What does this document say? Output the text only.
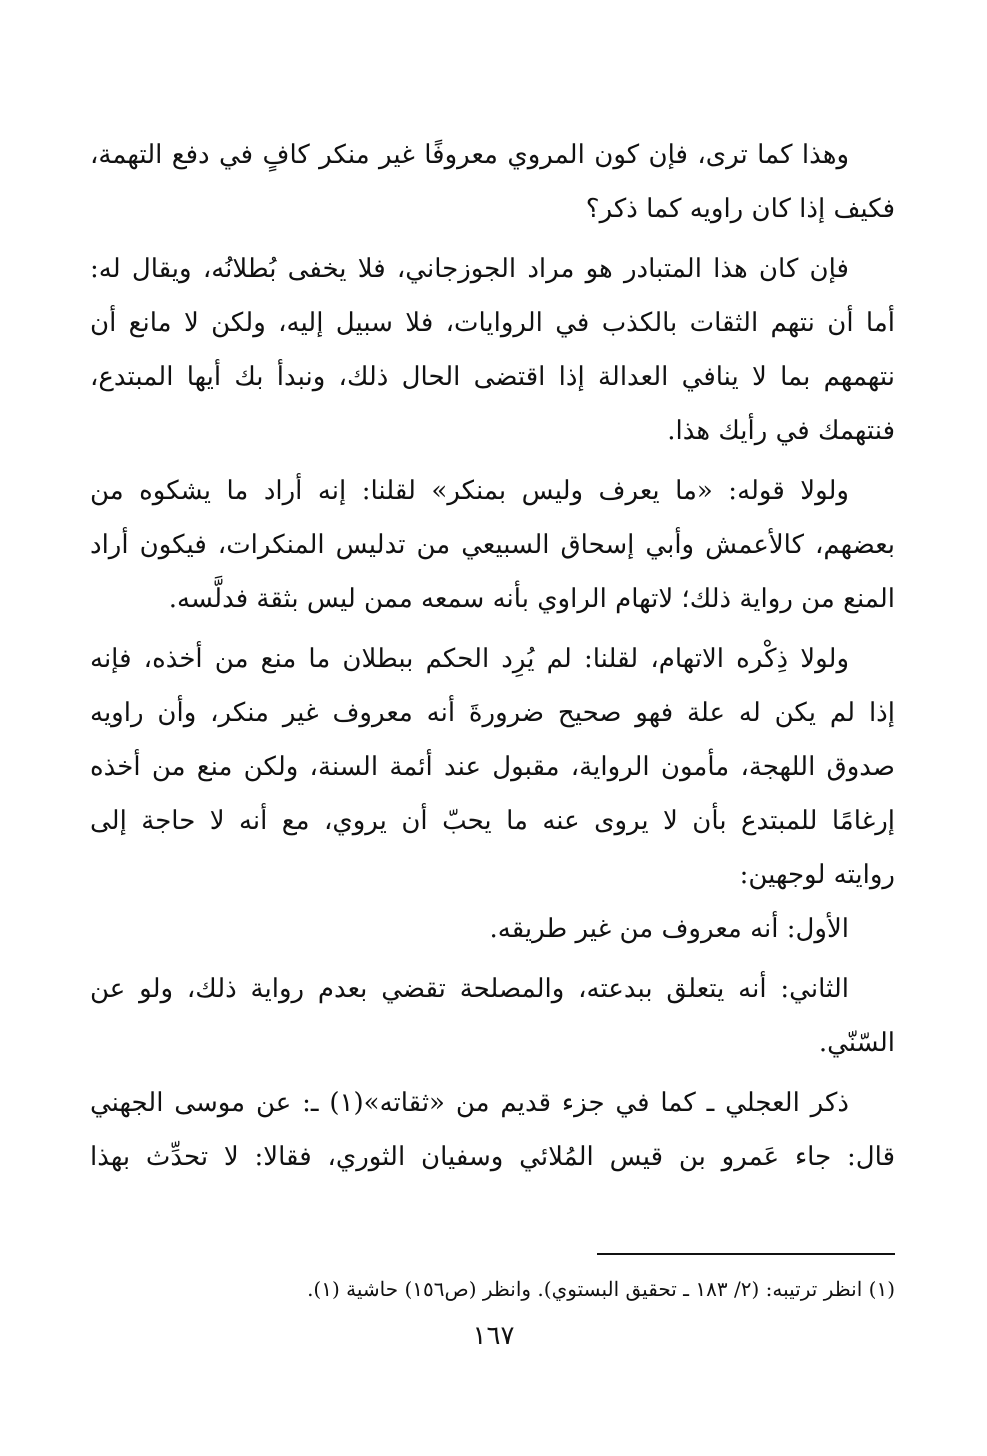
وهذا كما ترى، فإن كون المروي معروفًا غير منكر كافٍ في دفع التهمة،
فكيف إذا كان راويه كما ذكر؟
فإن كان هذا المتبادر هو مراد الجوزجاني، فلا يخفى بُطلانُه، ويقال له:
أما أن نتهم الثقات بالكذب في الروايات، فلا سبيل إليه، ولكن لا مانع أن
نتهمهم بما لا ينافي العدالة إذا اقتضى الحال ذلك، ونبدأ بك أيها المبتدع،
فنتهمك في رأيك هذا.
ولولا قوله: «ما يعرف وليس بمنكر» لقلنا: إنه أراد ما يشكوه من
بعضهم، كالأعمش وأبي إسحاق السبيعي من تدليس المنكرات، فيكون أراد
المنع من رواية ذلك؛ لاتهام الراوي بأنه سمعه ممن ليس بثقة فدلَّسه.
ولولا ذِكْره الاتهام، لقلنا: لم يُرِد الحكم ببطلان ما منع من أخذه، فإنه
إذا لم يكن له علة فهو صحيح ضرورةَ أنه معروف غير منكر، وأن راويه
صدوق اللهجة، مأمون الرواية، مقبول عند أئمة السنة، ولكن منع من أخذه
إرغامًا للمبتدع بأن لا يروى عنه ما يحبّ أن يروي، مع أنه لا حاجة إلى
روايته لوجهين:
الأول: أنه معروف من غير طريقه.
الثاني: أنه يتعلق ببدعته، والمصلحة تقضي بعدم رواية ذلك، ولو عن
السّنّي.
ذكر العجلي ـ كما في جزء قديم من «ثقاته»(١) ـ: عن موسى الجهني
قال: جاء عَمرو بن قيس المُلائي وسفيان الثوري، فقالا: لا تحدِّث بهذا
(١) انظر ترتيبه: (٢/ ١٨٣ ـ تحقيق البستوي). وانظر (ص١٥٦) حاشية (١).
١٦٧
